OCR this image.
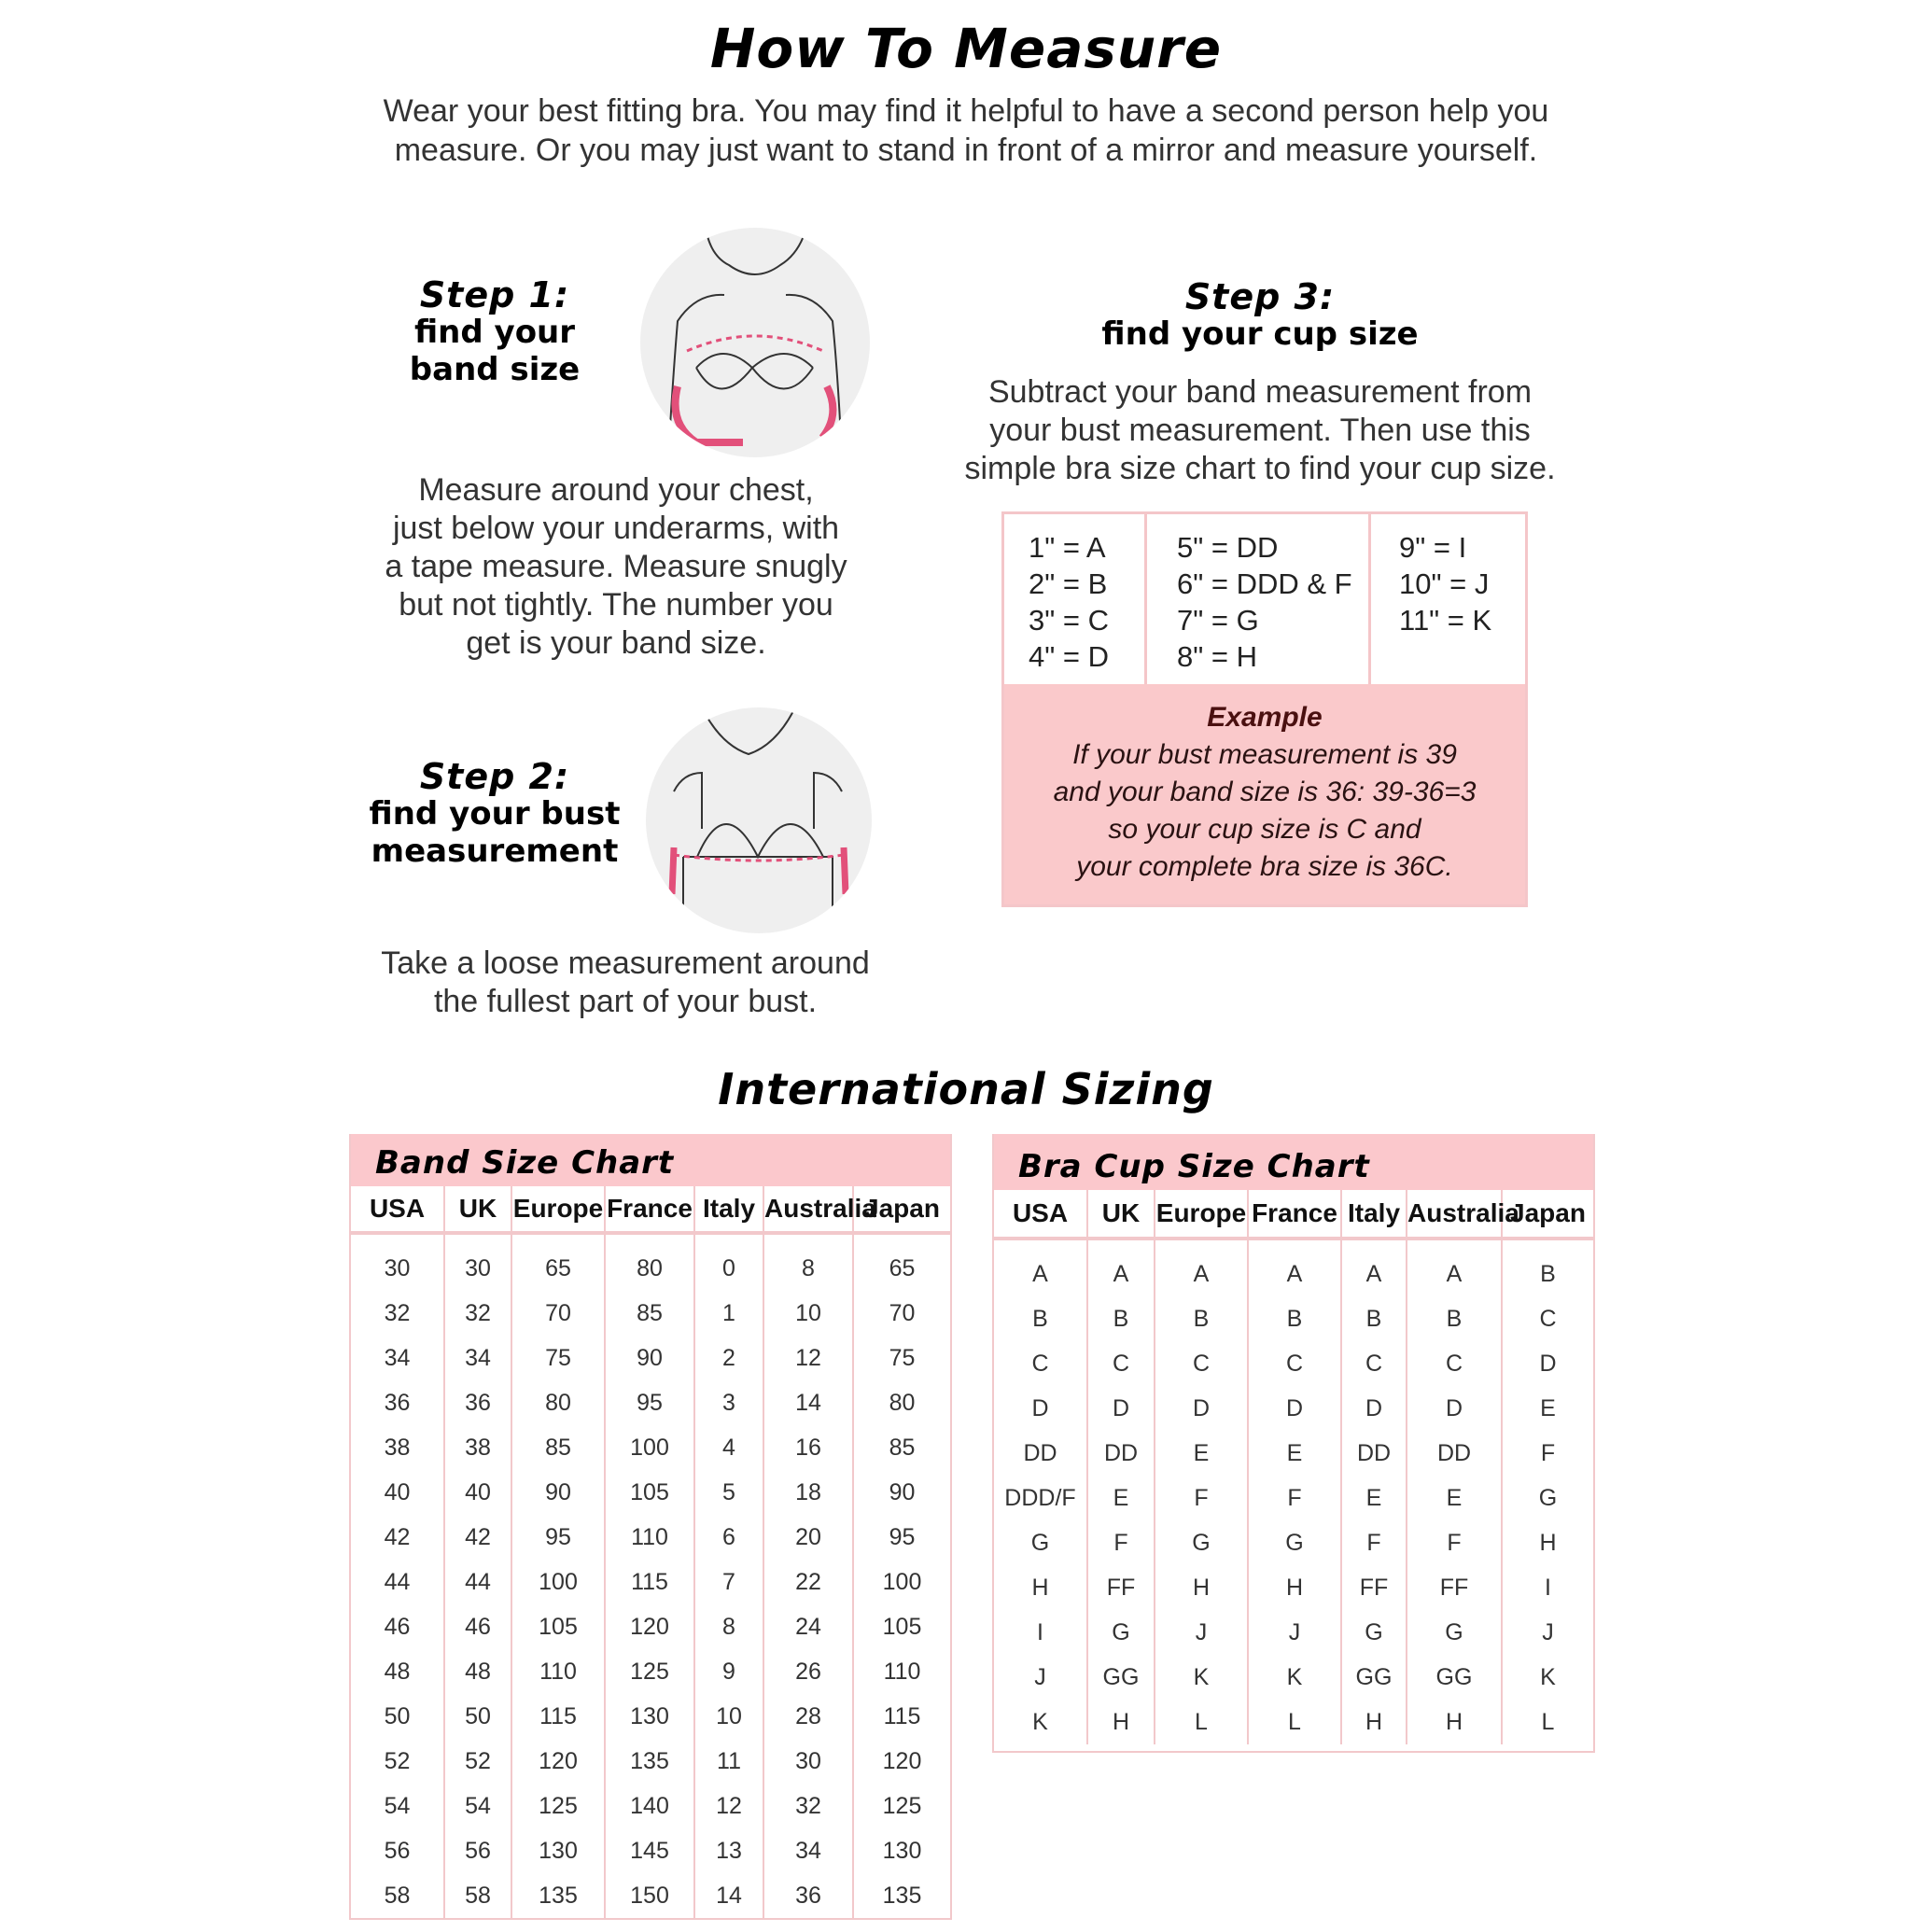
How To Measure
Wear your best fitting bra. You may find it helpful to have a second person help you
measure. Or you may just want to stand in front of a mirror and measure yourself.
Step 1:
find your
band size
Measure around your chest,
just below your underarms, with
a tape measure. Measure snugly
but not tightly. The number you
get is your band size.
Step 2:
find your bust
measurement
Take a loose measurement around
the fullest part of your bust.
Step 3:
find your cup size
Subtract your band measurement from
your bust measurement. Then use this
simple bra size chart to find your cup size.
1" = A
2" = B
3" = C
4" = D
5" = DD
6" = DDD & F
7" = G
8" = H
9" = I
10" = J
11" = K
Example
If your bust measurement is 39
and your band size is 36: 39-36=3
so your cup size is C and
your complete bra size is 36C.
International Sizing
Band Size Chart
USA	UK	Europe	France	Italy	Australia	Japan

30	30	65	80	0	8	65
32	32	70	85	1	10	70
34	34	75	90	2	12	75
36	36	80	95	3	14	80
38	38	85	100	4	16	85
40	40	90	105	5	18	90
42	42	95	110	6	20	95
44	44	100	115	7	22	100
46	46	105	120	8	24	105
48	48	110	125	9	26	110
50	50	115	130	10	28	115
52	52	120	135	11	30	120
54	54	125	140	12	32	125
56	56	130	145	13	34	130
58	58	135	150	14	36	135
Bra Cup Size Chart
USA	UK	Europe	France	Italy	Australia	Japan

A	A	A	A	A	A	B
B	B	B	B	B	B	C
C	C	C	C	C	C	D
D	D	D	D	D	D	E
DD	DD	E	E	DD	DD	F
DDD/F	E	F	F	E	E	G
G	F	G	G	F	F	H
H	FF	H	H	FF	FF	I
I	G	J	J	G	G	J
J	GG	K	K	GG	GG	K
K	H	L	L	H	H	L
